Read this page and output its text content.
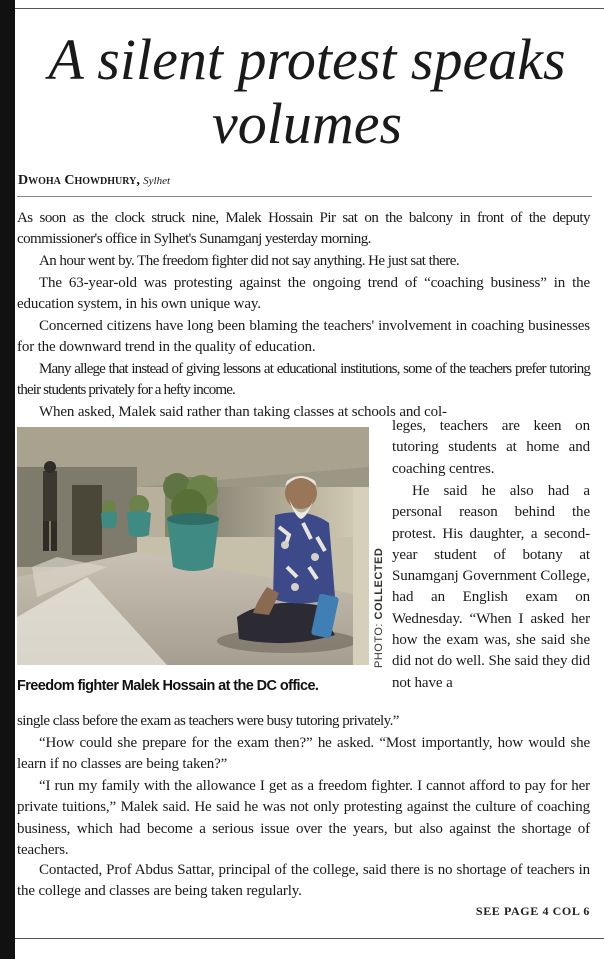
A silent protest speaks
volumes
Dwoha Chowdhury, Sylhet

As soon as the clock struck nine, Malek Hossain Pir sat on the balcony in front of the deputy commissioner's office in Sylhet's Sunamganj yesterday morning.

An hour went by. The freedom fighter did not say anything. He just sat there.

The 63-year-old was protesting against the ongoing trend of “coaching business” in the education system, in his own unique way.

Concerned citizens have long been blaming the teachers' involvement in coaching businesses for the downward trend in the quality of education.

Many allege that instead of giving lessons at educational institutions, some of the teachers prefer tutoring their students privately for a hefty income.

When asked, Malek said rather than taking classes at schools and col-

PHOTO: COLLECTED

leges, teachers are keen on tutoring students at home and coaching centres.

He said he also had a personal reason behind the protest. His daughter, a second-year student of botany at Sunamganj Government College, had an English exam on Wednesday. “When I asked her how the exam was, she said she did not do well. She said they did not have a

Freedom fighter Malek Hossain at the DC office.

single class before the exam as teachers were busy tutoring privately.”

“How could she prepare for the exam then?” he asked. “Most importantly, how would she learn if no classes are being taken?”

“I run my family with the allowance I get as a freedom fighter. I cannot afford to pay for her private tuitions,” Malek said. He said he was not only protesting against the culture of coaching business, which had become a serious issue over the years, but also against the shortage of teachers.

Contacted, Prof Abdus Sattar, principal of the college, said there is no shortage of teachers in the college and classes are being taken regularly.

SEE PAGE 4 COL 6
